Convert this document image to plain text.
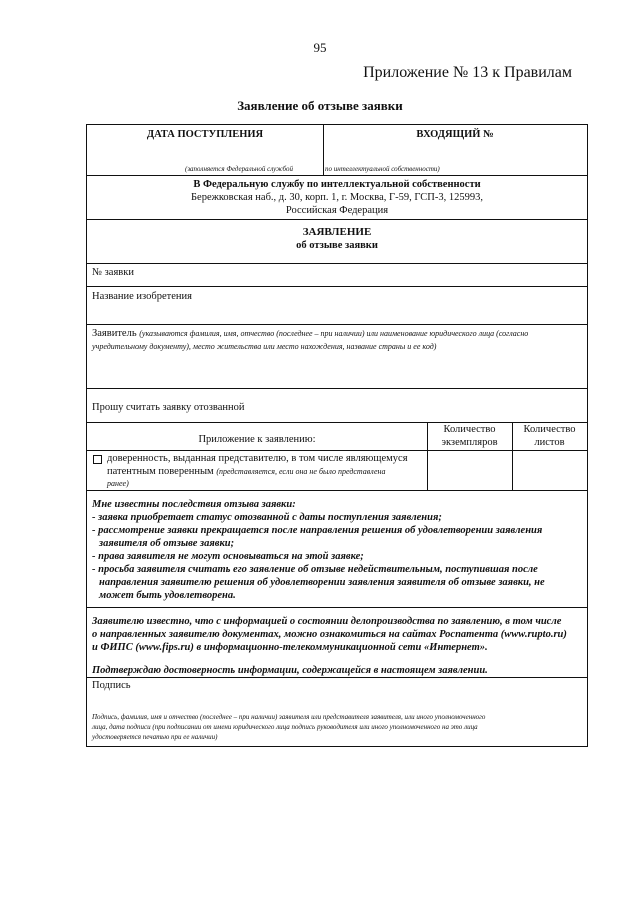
95
Приложение № 13 к Правилам
Заявление об отзыве заявки
ДАТА ПОСТУПЛЕНИЯ	ВХОДЯЩИЙ №
(заполняется Федеральной службой	по интеллектуальной собственности)
В Федеральную службу по интеллектуальной собственности
Бережковская наб., д. 30, корп. 1, г. Москва, Г-59, ГСП-3, 125993,
Российская Федерация
ЗАЯВЛЕНИЕ
об отзыве заявки
№ заявки
Название изобретения
Заявитель (указываются фамилия, имя, отчество (последнее – при наличии) или наименование юридического лица (согласно
учредительному документу), место жительства или место нахождения, название страны и ее код)
Прошу считать заявку отозванной
Приложение к заявлению:
Количество
экземпляров
Количество
листов
доверенность, выданная представителю, в том числе являющемуся
патентным поверенным (представляется, если она не было представлена
ранее)
Мне известны последствия отзыва заявки:
- заявка приобретает статус отозванной с даты поступления заявления;
- рассмотрение заявки прекращается после направления решения об удовлетворении заявления
заявителя об отзыве заявки;
- права заявителя не могут основываться на этой заявке;
- просьба заявителя считать его заявление об отзыве недействительным, поступившая после
направления заявителю решения об удовлетворении заявления заявителя об отзыве заявки, не
может быть удовлетворена.
Заявителю известно, что с информацией о состоянии делопроизводства по заявлению, в том числе
о направленных заявителю документах, можно ознакомиться на сайтах Роспатента (www.rupto.ru)
и ФИПС (www.fips.ru) в информационно-телекоммуникационной сети «Интернет».
Подтверждаю достоверность информации, содержащейся в настоящем заявлении.
Подпись
Подпись, фамилия, имя и отчество (последнее – при наличии) заявителя или представителя заявителя, или иного уполномоченного
лица, дата подписи (при подписании от имени юридического лица подпись руководителя или иного уполномоченного на это лица
удостоверяется печатью при ее наличии)
